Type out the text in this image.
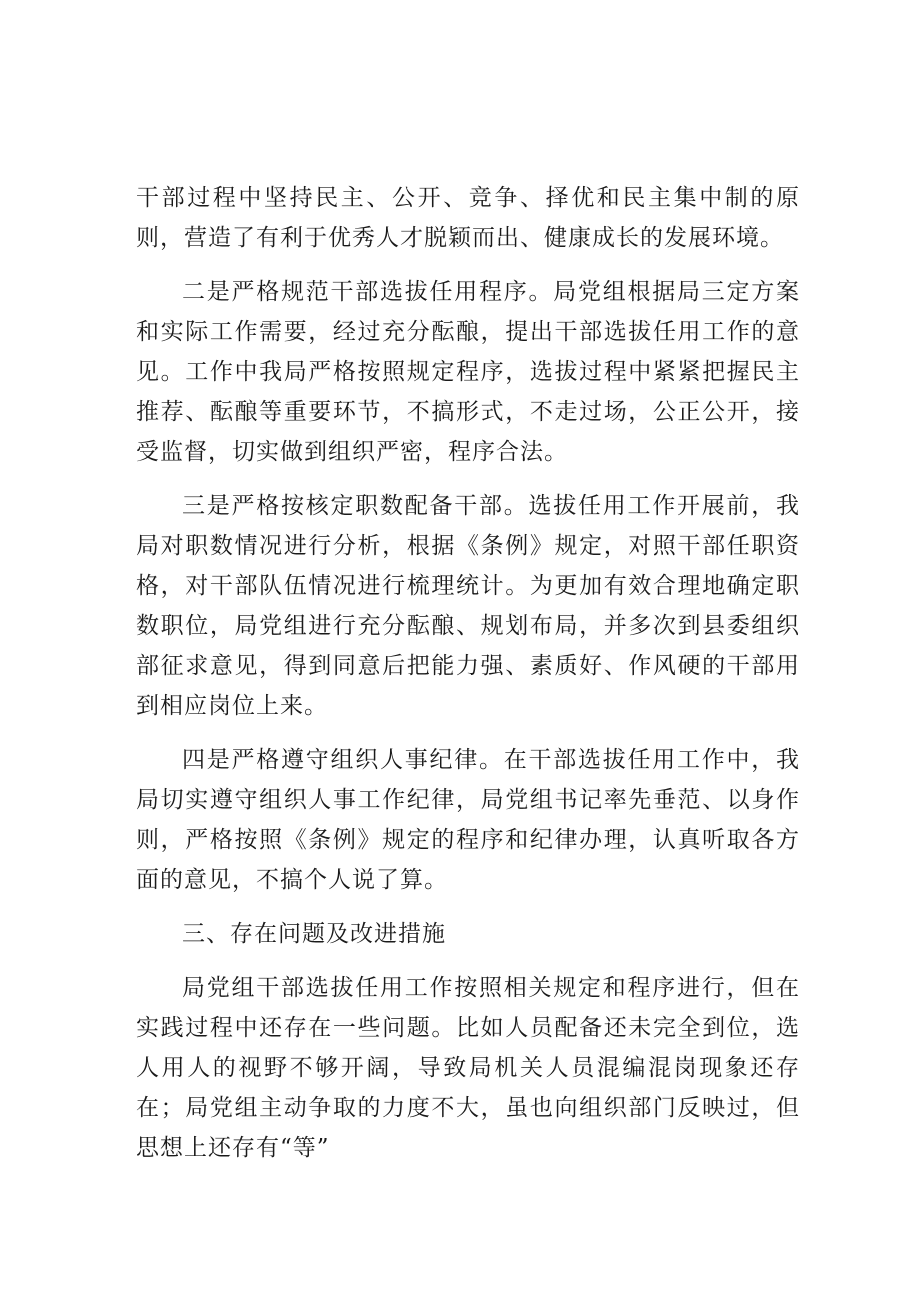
干部过程中坚持民主、公开、竞争、择优和民主集中制的原则，营造了有利于优秀人才脱颖而出、健康成长的发展环境。

二是严格规范干部选拔任用程序。局党组根据局三定方案和实际工作需要，经过充分酝酿，提出干部选拔任用工作的意见。工作中我局严格按照规定程序，选拔过程中紧紧把握民主推荐、酝酿等重要环节，不搞形式，不走过场，公正公开，接受监督，切实做到组织严密，程序合法。

三是严格按核定职数配备干部。选拔任用工作开展前，我局对职数情况进行分析，根据《条例》规定，对照干部任职资格，对干部队伍情况进行梳理统计。为更加有效合理地确定职数职位，局党组进行充分酝酿、规划布局，并多次到县委组织部征求意见，得到同意后把能力强、素质好、作风硬的干部用到相应岗位上来。

四是严格遵守组织人事纪律。在干部选拔任用工作中，我局切实遵守组织人事工作纪律，局党组书记率先垂范、以身作则，严格按照《条例》规定的程序和纪律办理，认真听取各方面的意见，不搞个人说了算。

三、存在问题及改进措施

局党组干部选拔任用工作按照相关规定和程序进行，但在实践过程中还存在一些问题。比如人员配备还未完全到位，选人用人的视野不够开阔，导致局机关人员混编混岗现象还存在；局党组主动争取的力度不大，虽也向组织部门反映过，但思想上还存有“等”
